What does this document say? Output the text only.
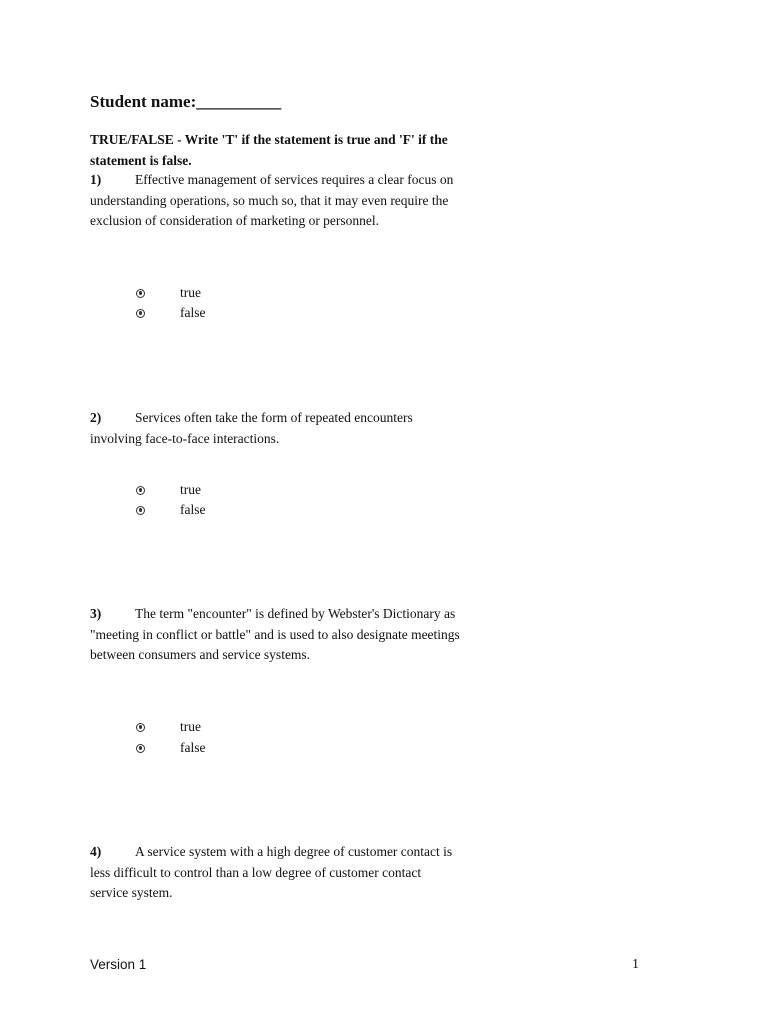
Student name:__________
TRUE/FALSE - Write 'T' if the statement is true and 'F' if the statement is false.
1)	Effective management of services requires a clear focus on understanding operations, so much so, that it may even require the exclusion of consideration of marketing or personnel.
true
false
2)	Services often take the form of repeated encounters involving face-to-face interactions.
true
false
3)	The term "encounter" is defined by Webster's Dictionary as "meeting in conflict or battle" and is used to also designate meetings between consumers and service systems.
true
false
4)	A service system with a high degree of customer contact is less difficult to control than a low degree of customer contact service system.
Version 1	1
